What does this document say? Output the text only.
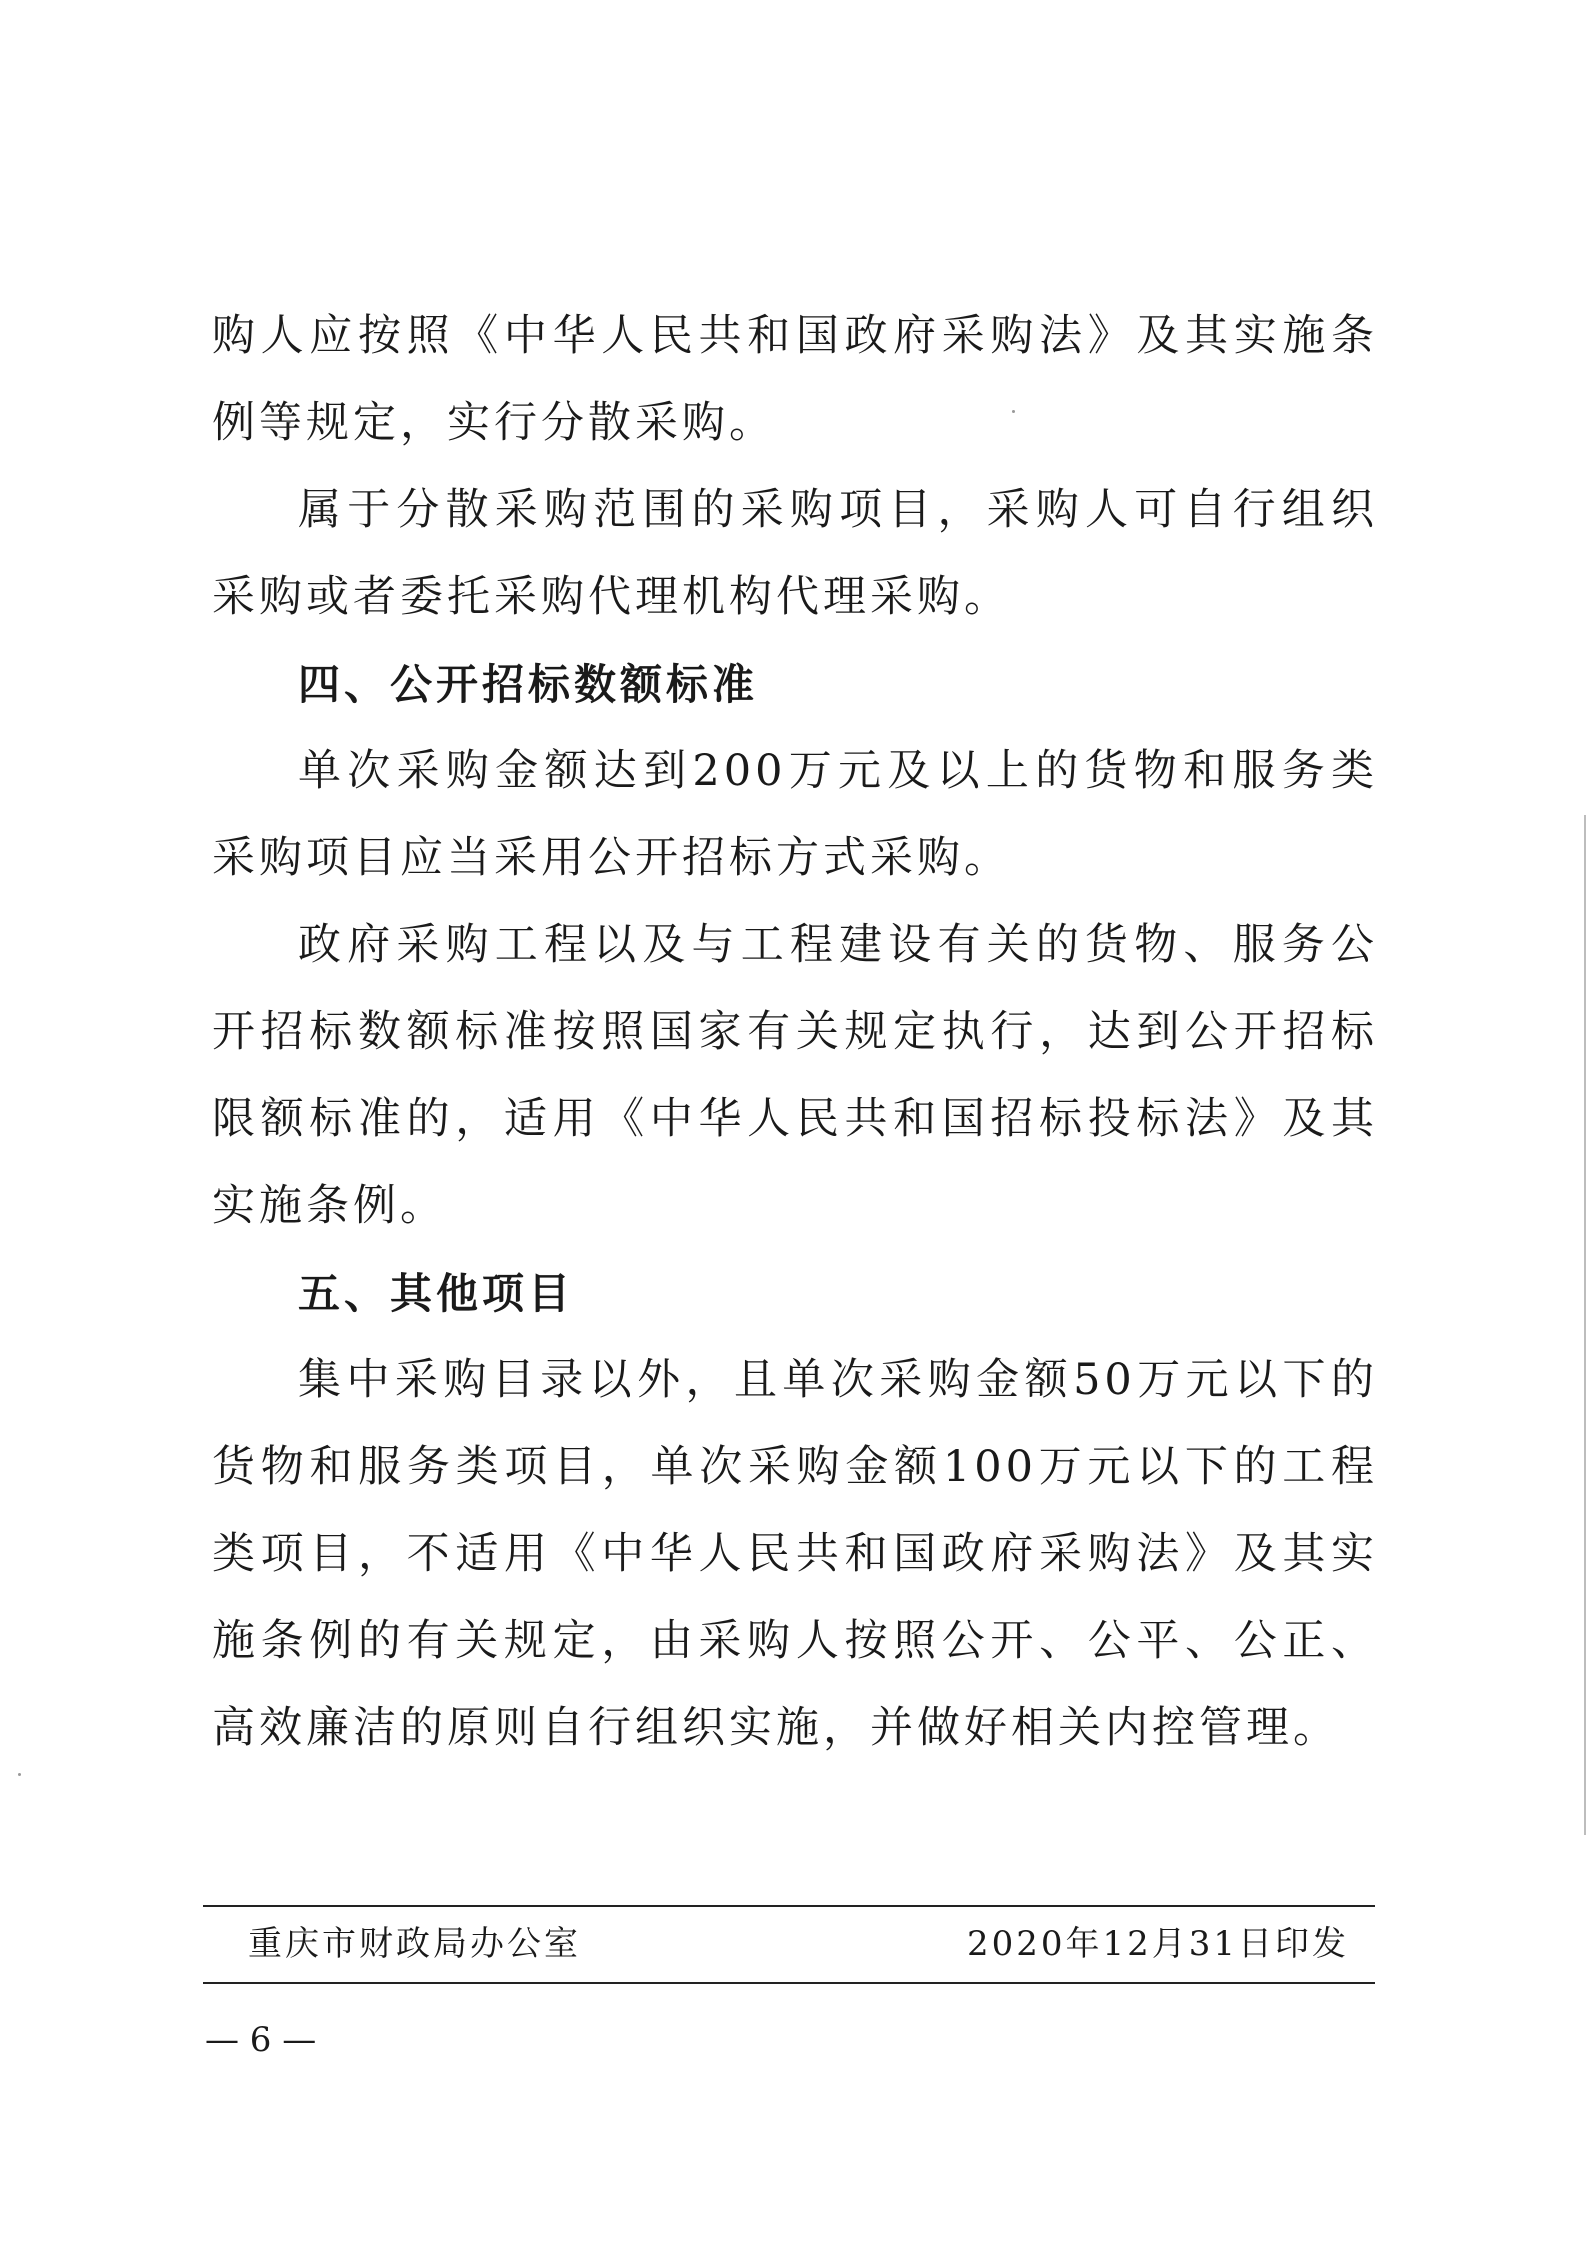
购人应按照《中华人民共和国政府采购法》及其实施条例等规定，实行分散采购。

属于分散采购范围的采购项目，采购人可自行组织采购或者委托采购代理机构代理采购。

四、公开招标数额标准

单次采购金额达到200万元及以上的货物和服务类采购项目应当采用公开招标方式采购。

政府采购工程以及与工程建设有关的货物、服务公开招标数额标准按照国家有关规定执行，达到公开招标限额标准的，适用《中华人民共和国招标投标法》及其实施条例。

五、其他项目

集中采购目录以外，且单次采购金额50万元以下的货物和服务类项目，单次采购金额100万元以下的工程类项目，不适用《中华人民共和国政府采购法》及其实施条例的有关规定，由采购人按照公开、公平、公正、高效廉洁的原则自行组织实施，并做好相关内控管理。

重庆市财政局办公室	2020年12月31日印发

— 6 —
